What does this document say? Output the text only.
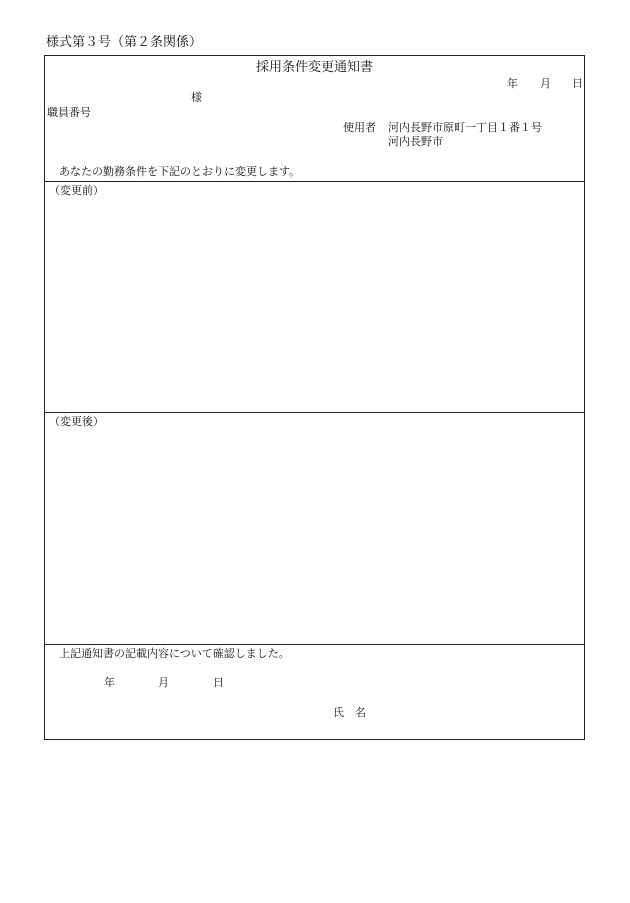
様式第３号（第２条関係）
採用条件変更通知書
年 月 日
様
職員番号
使用者 河内長野市原町一丁目１番１号
河内長野市
あなたの勤務条件を下記のとおりに変更します。
（変更前）
（変更後）
上記通知書の記載内容について確認しました。
年	月	日
氏　名
